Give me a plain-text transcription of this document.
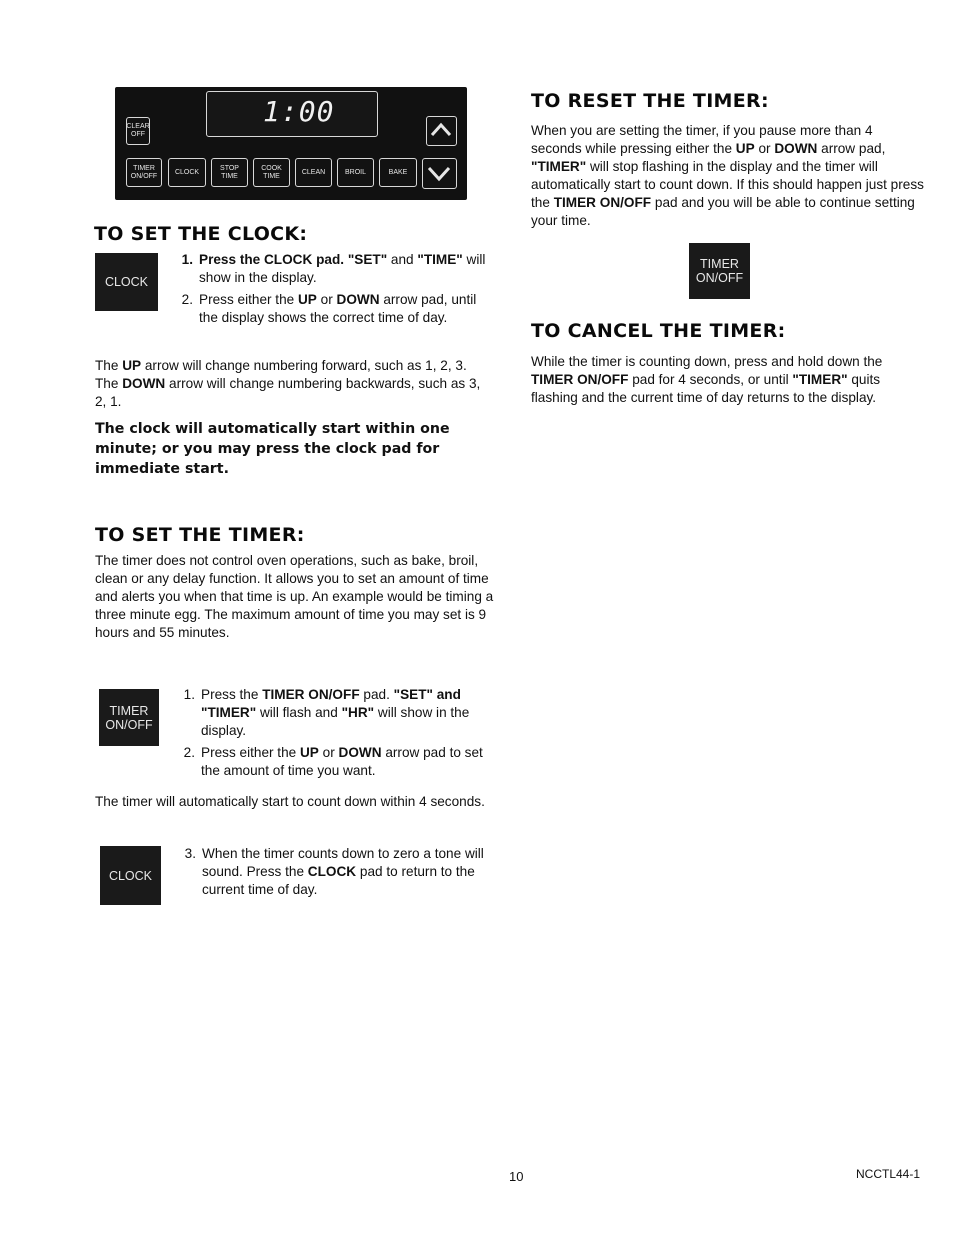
1:00
CLEAR
OFF
TIMER
ON/OFF
CLOCK
STOP
TIME
COOK
TIME
CLEAN	BROIL	BAKE
TO SET THE CLOCK:
CLOCK
1. Press the CLOCK pad. "SET" and "TIME" will show in the display.
2. Press either the UP or DOWN arrow pad, until the display shows the correct time of day.

The UP arrow will change numbering forward, such as 1, 2, 3. The DOWN arrow will change numbering backwards, such as 3, 2, 1.

The clock will automatically start within one minute; or you may press the clock pad for immediate start.

TO SET THE TIMER:

The timer does not control oven operations, such as bake, broil, clean or any delay function. It allows you to set an amount of time and alerts you when that time is up. An example would be timing a three minute egg. The maximum amount of time you may set is 9 hours and 55 minutes.

TIMER
ON/OFF
1. Press the TIMER ON/OFF pad. "SET" and "TIMER" will flash and "HR" will show in the display.
2. Press either the UP or DOWN arrow pad to set the amount of time you want.

The timer will automatically start to count down within 4 seconds.

CLOCK
3. When the timer counts down to zero a tone will sound. Press the CLOCK pad to return to the current time of day.
TO RESET THE TIMER:

When you are setting the timer, if you pause more than 4 seconds while pressing either the UP or DOWN arrow pad, "TIMER" will stop flashing in the display and the timer will automatically start to count down. If this should happen just press the TIMER ON/OFF pad and you will be able to continue setting your time.

TIMER
ON/OFF
TO CANCEL THE TIMER:

While the timer is counting down, press and hold down the TIMER ON/OFF pad for 4 seconds, or until "TIMER" quits flashing and the current time of day returns to the display.

10	NCCTL44-1
